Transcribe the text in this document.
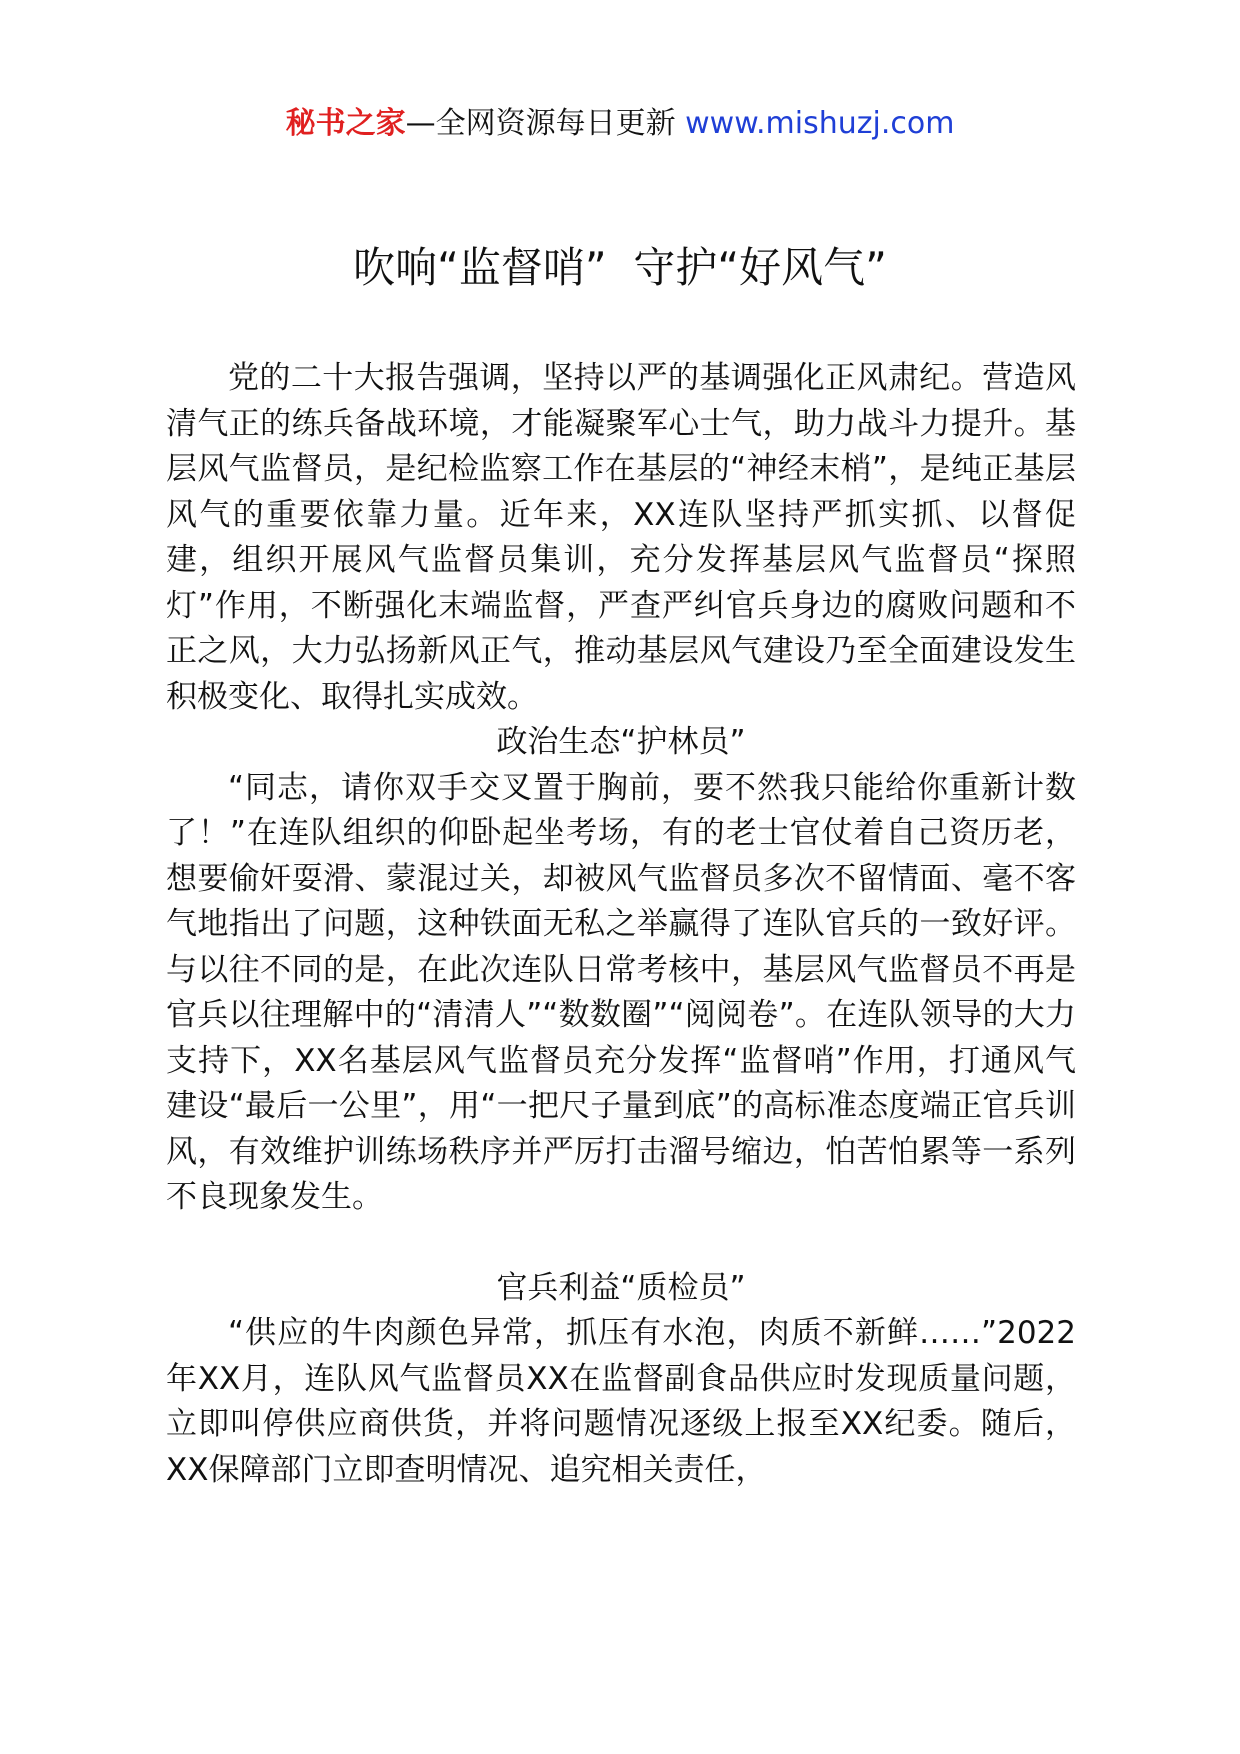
秘书之家—全网资源每日更新 www.mishuzj.com
吹响“监督哨”  守护“好风气”

党的二十大报告强调，坚持以严的基调强化正风肃纪。营造风清气正的练兵备战环境，才能凝聚军心士气，助力战斗力提升。基层风气监督员，是纪检监察工作在基层的“神经末梢”，是纯正基层风气的重要依靠力量。近年来，XX连队坚持严抓实抓、以督促建，组织开展风气监督员集训，充分发挥基层风气监督员“探照灯”作用，不断强化末端监督，严查严纠官兵身边的腐败问题和不正之风，大力弘扬新风正气，推动基层风气建设乃至全面建设发生积极变化、取得扎实成效。

政治生态“护林员”

“同志，请你双手交叉置于胸前，要不然我只能给你重新计数了！”在连队组织的仰卧起坐考场，有的老士官仗着自己资历老，想要偷奸耍滑、蒙混过关，却被风气监督员多次不留情面、毫不客气地指出了问题，这种铁面无私之举赢得了连队官兵的一致好评。与以往不同的是，在此次连队日常考核中，基层风气监督员不再是官兵以往理解中的“清清人”“数数圈”“阅阅卷”。在连队领导的大力支持下，XX名基层风气监督员充分发挥“监督哨”作用，打通风气建设“最后一公里”，用“一把尺子量到底”的高标准态度端正官兵训风，有效维护训练场秩序并严厉打击溜号缩边，怕苦怕累等一系列不良现象发生。

官兵利益“质检员”

“供应的牛肉颜色异常，抓压有水泡，肉质不新鲜……”2022年XX月，连队风气监督员XX在监督副食品供应时发现质量问题，立即叫停供应商供货，并将问题情况逐级上报至XX纪委。随后，XX保障部门立即查明情况、追究相关责任，
